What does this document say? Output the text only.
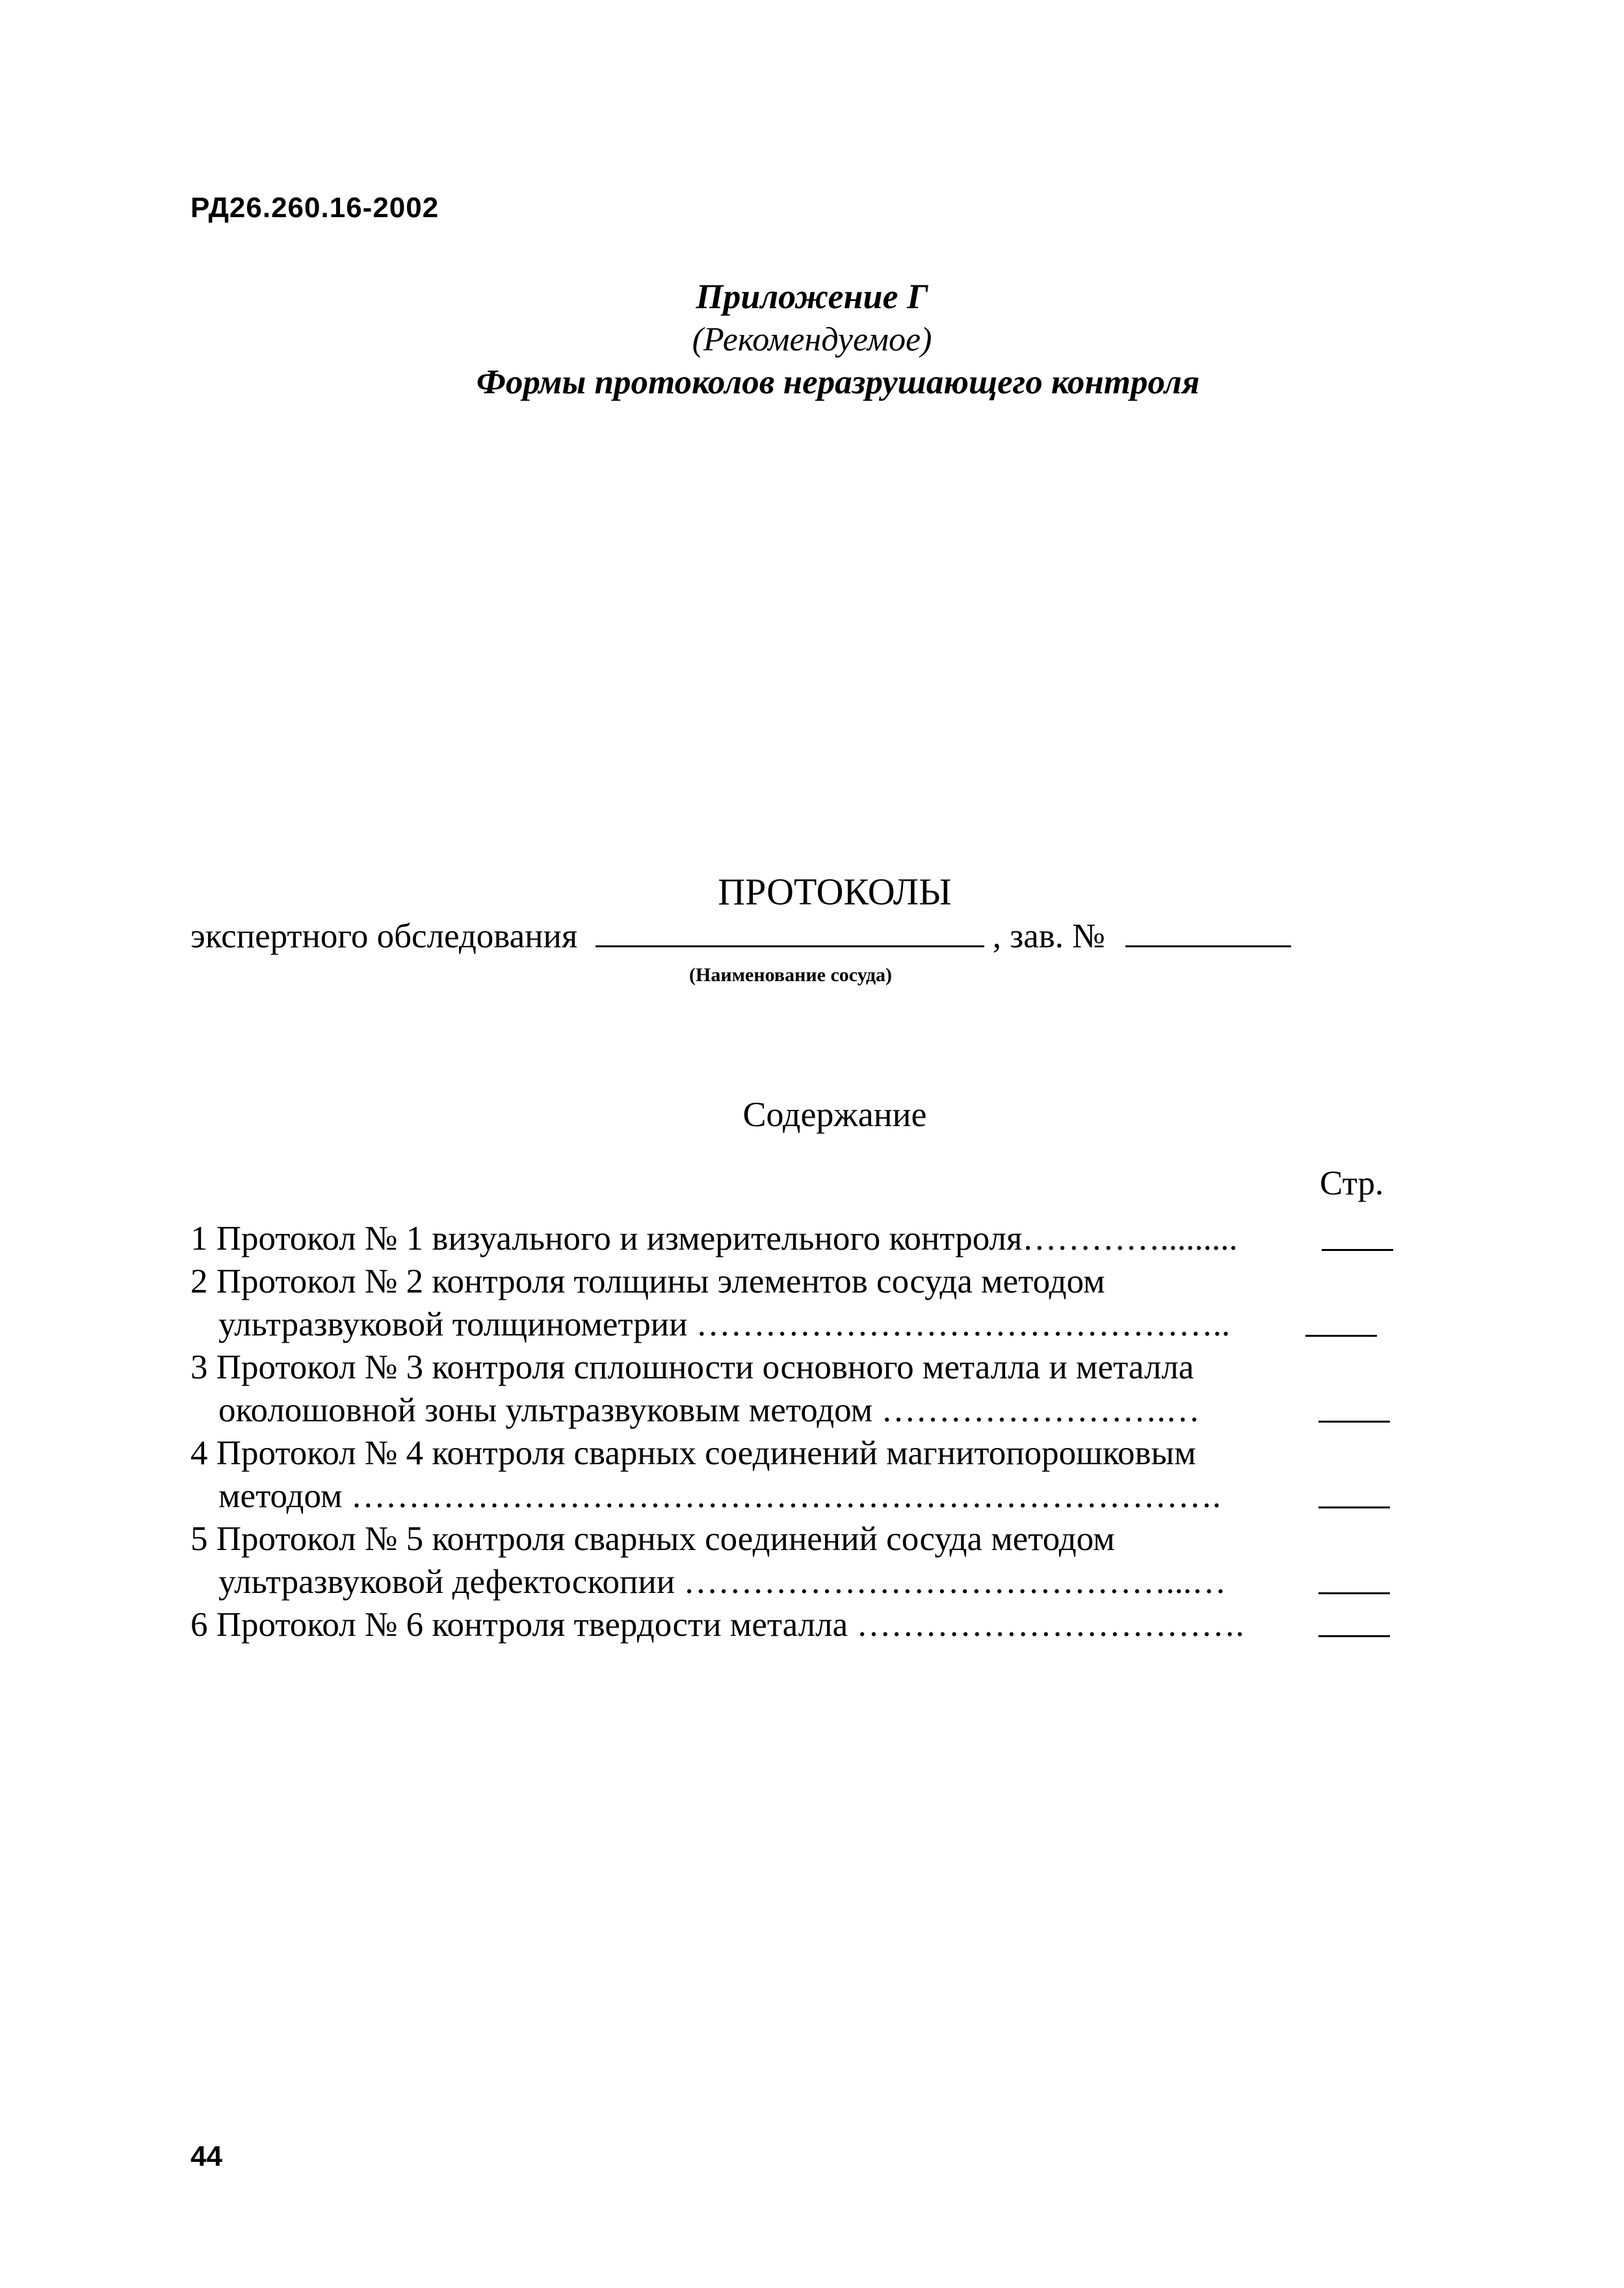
РД26.260.16-2002
Приложение Г
(Рекомендуемое)
Формы протоколов неразрушающего контроля
ПРОТОКОЛЫ
экспертного обследования	, зав. №
(Наименование сосуда)
Содержание
Стр.
1 Протокол № 1 визуального и измерительного контроля………….........
2 Протокол № 2 контроля толщины элементов сосуда методом
ультразвуковой толщинометрии ………………………………………..
3 Протокол № 3 контроля сплошности основного металла и металла
околошовной зоны ультразвуковым методом …………………….…
4 Протокол № 4 контроля сварных соединений магнитопорошковым
методом ………………………………………………………………….
5 Протокол № 5 контроля сварных соединений сосуда методом
ультразвуковой дефектоскопии ……………………………………...…
6 Протокол № 6 контроля твердости металла …………………………….
44
